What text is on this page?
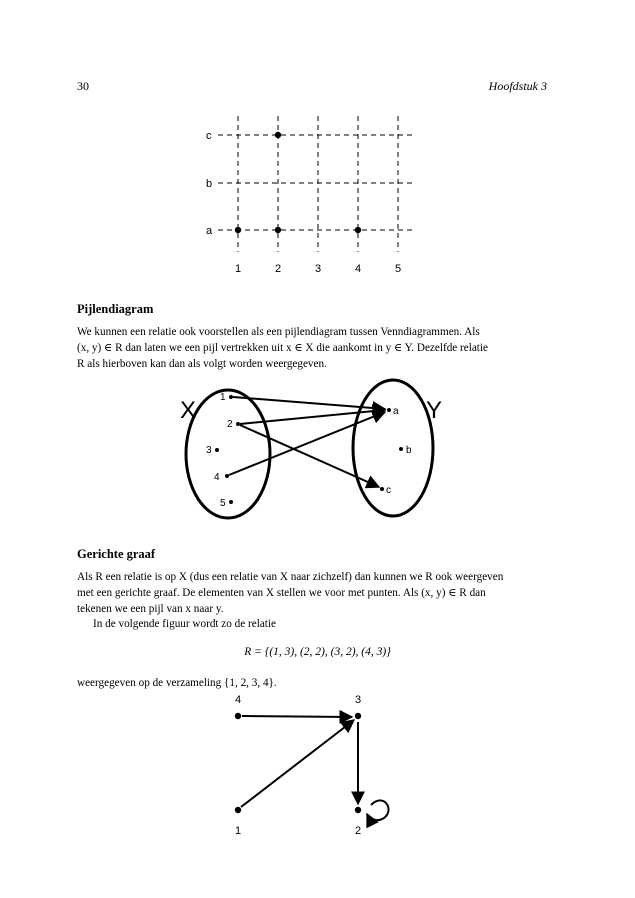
30	Hoofdstuk 3
c
b
a
1	2	3	4	5
Pijlendiagram
We kunnen een relatie ook voorstellen als een pijlendiagram tussen Venndiagrammen. Als
(x, y) ∈ R dan laten we een pijl vertrekken uit x ∈ X die aankomt in y ∈ Y. Dezelfde relatie
R als hierboven kan dan als volgt worden weergegeven.
X	Y
1
2
3
4
5
a
b
c
Gerichte graaf
Als R een relatie is op X (dus een relatie van X naar zichzelf) dan kunnen we R ook weergeven
met een gerichte graaf. De elementen van X stellen we voor met punten. Als (x, y) ∈ R dan
tekenen we een pijl van x naar y.
In de volgende figuur wordt zo de relatie
R = {(1, 3), (2, 2), (3, 2), (4, 3)}
weergegeven op de verzameling {1, 2, 3, 4}.
4	3
1	2
